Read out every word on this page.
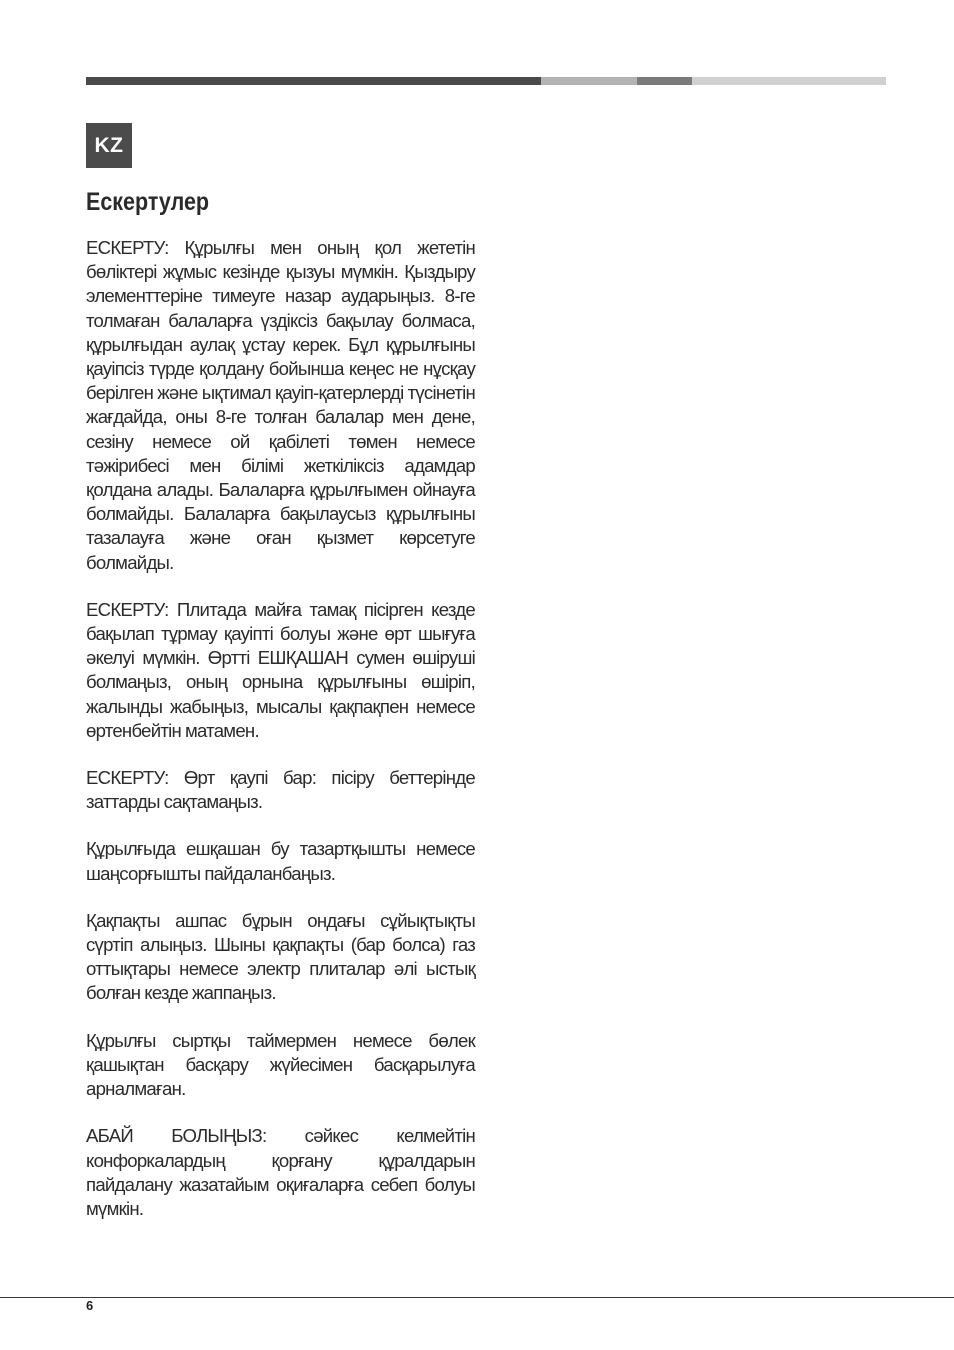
KZ
Ескертулер

ЕСКЕРТУ: Құрылғы мен оның қол жететін бөліктері жұмыс кезінде қызуы мүмкін. Қыздыру элементтеріне тимеуге назар аударыңыз. 8-ге толмаған балаларға үздіксіз бақылау болмаса, құрылғыдан аулақ ұстау керек. Бұл құрылғыны қауіпсіз түрде қолдану бойынша кеңес не нұсқау берілген және ықтимал қауіп-қатерлерді түсінетін жағдайда, оны 8-ге толған балалар мен дене, сезіну немесе ой қабілеті төмен немесе тәжірибесі мен білімі жеткіліксіз адамдар қолдана алады. Балаларға құрылғымен ойнауға болмайды. Балаларға бақылаусыз құрылғыны тазалауға және оған қызмет көрсетуге болмайды.

ЕСКЕРТУ: Плитада майға тамақ пісірген кезде бақылап тұрмау қауіпті болуы және өрт шығуға әкелуі мүмкін. Өртті ЕШҚАШАН сумен өшіруші болмаңыз, оның орнына құрылғыны өшіріп, жалынды жабыңыз, мысалы қақпақпен немесе өртенбейтін матамен.

ЕСКЕРТУ: Өрт қаупі бар: пісіру беттерінде заттарды сақтамаңыз.

Құрылғыда ешқашан бу тазартқышты немесе шаңсорғышты пайдаланбаңыз.

Қақпақты ашпас бұрын ондағы сұйықтықты сүртіп алыңыз. Шыны қақпақты (бар болса) газ оттықтары немесе электр плиталар әлі ыстық болған кезде жаппаңыз.

Құрылғы сыртқы таймермен немесе бөлек қашықтан басқару жүйесімен басқарылуға арналмаған.

АБАЙ БОЛЫҢЫЗ: сәйкес келмейтін конфоркалардың қорғану құралдарын пайдалану жазатайым оқиғаларға себеп болуы мүмкін.

6
